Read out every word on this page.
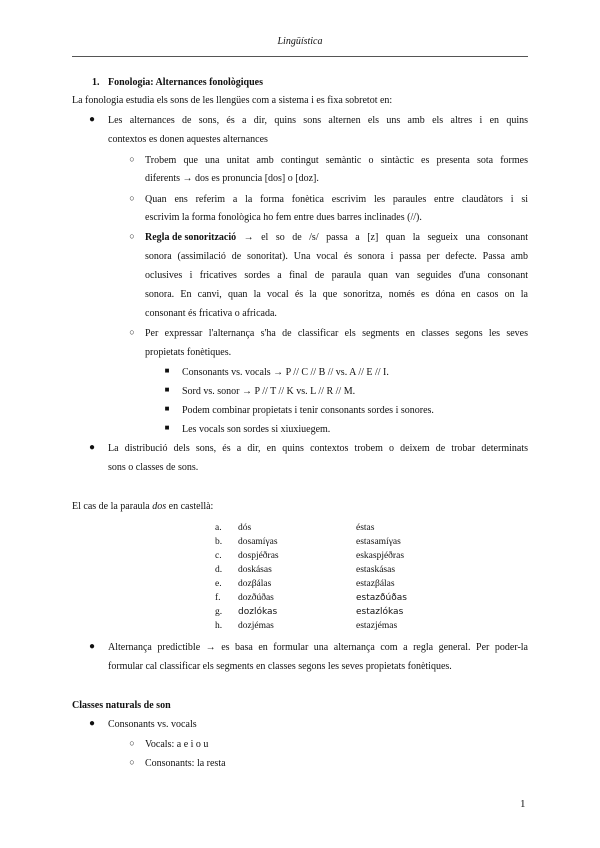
Lingüística
1. Fonologia: Alternances fonològiques
La fonologia estudia els sons de les llengües com a sistema i es fixa sobretot en:
● Les alternances de sons, és a dir, quins sons alternen els uns amb els altres i en quins
contextos es donen aquestes alternances
○ Trobem que una unitat amb contingut semàntic o sintàctic es presenta sota formes
diferents → dos es pronuncia [dos] o [doz].
○ Quan ens referim a la forma fonètica escrivim les paraules entre claudàtors i si
escrivim la forma fonològica ho fem entre dues barres inclinades (//).
○ Regla de sonorització → el so de /s/ passa a [z] quan la segueix una consonant
sonora (assimilació de sonoritat). Una vocal és sonora i passa per defecte. Passa amb
oclusives i fricatives sordes a final de paraula quan van seguides d'una consonant
sonora. En canvi, quan la vocal és la que sonoritza, només es dóna en casos on la
consonant és fricativa o africada.
○ Per expressar l'alternança s'ha de classificar els segments en classes segons les seves
propietats fonètiques.
■ Consonants vs. vocals → P // C // B // vs. A // E // I.
■ Sord vs. sonor → P // T // K vs. L // R // M.
■ Podem combinar propietats i tenir consonants sordes i sonores.
■ Les vocals son sordes si xiuxiuegem.
● La distribució dels sons, és a dir, en quins contextos trobem o deixem de trobar determinats
sons o classes de sons.
El cas de la paraula dos en castellà:
a.	dós	éstas
b.	dosamíγas	estasamíγas
c.	dospjéðras	eskaspjéðras
d.	doskásas	estaskásas
e.	dozβálas	estazβálas
f.	dozðúðas	estazðúðas
g.	dozlókas	estazlókas
h.	dozjémas	estazjémas
● Alternança predictible → es basa en formular una alternança com a regla general. Per poder-la
formular cal classificar els segments en classes segons les seves propietats fonètiques.
Classes naturals de son
● Consonants vs. vocals
○ Vocals: a e i o u
○ Consonants: la resta
1
